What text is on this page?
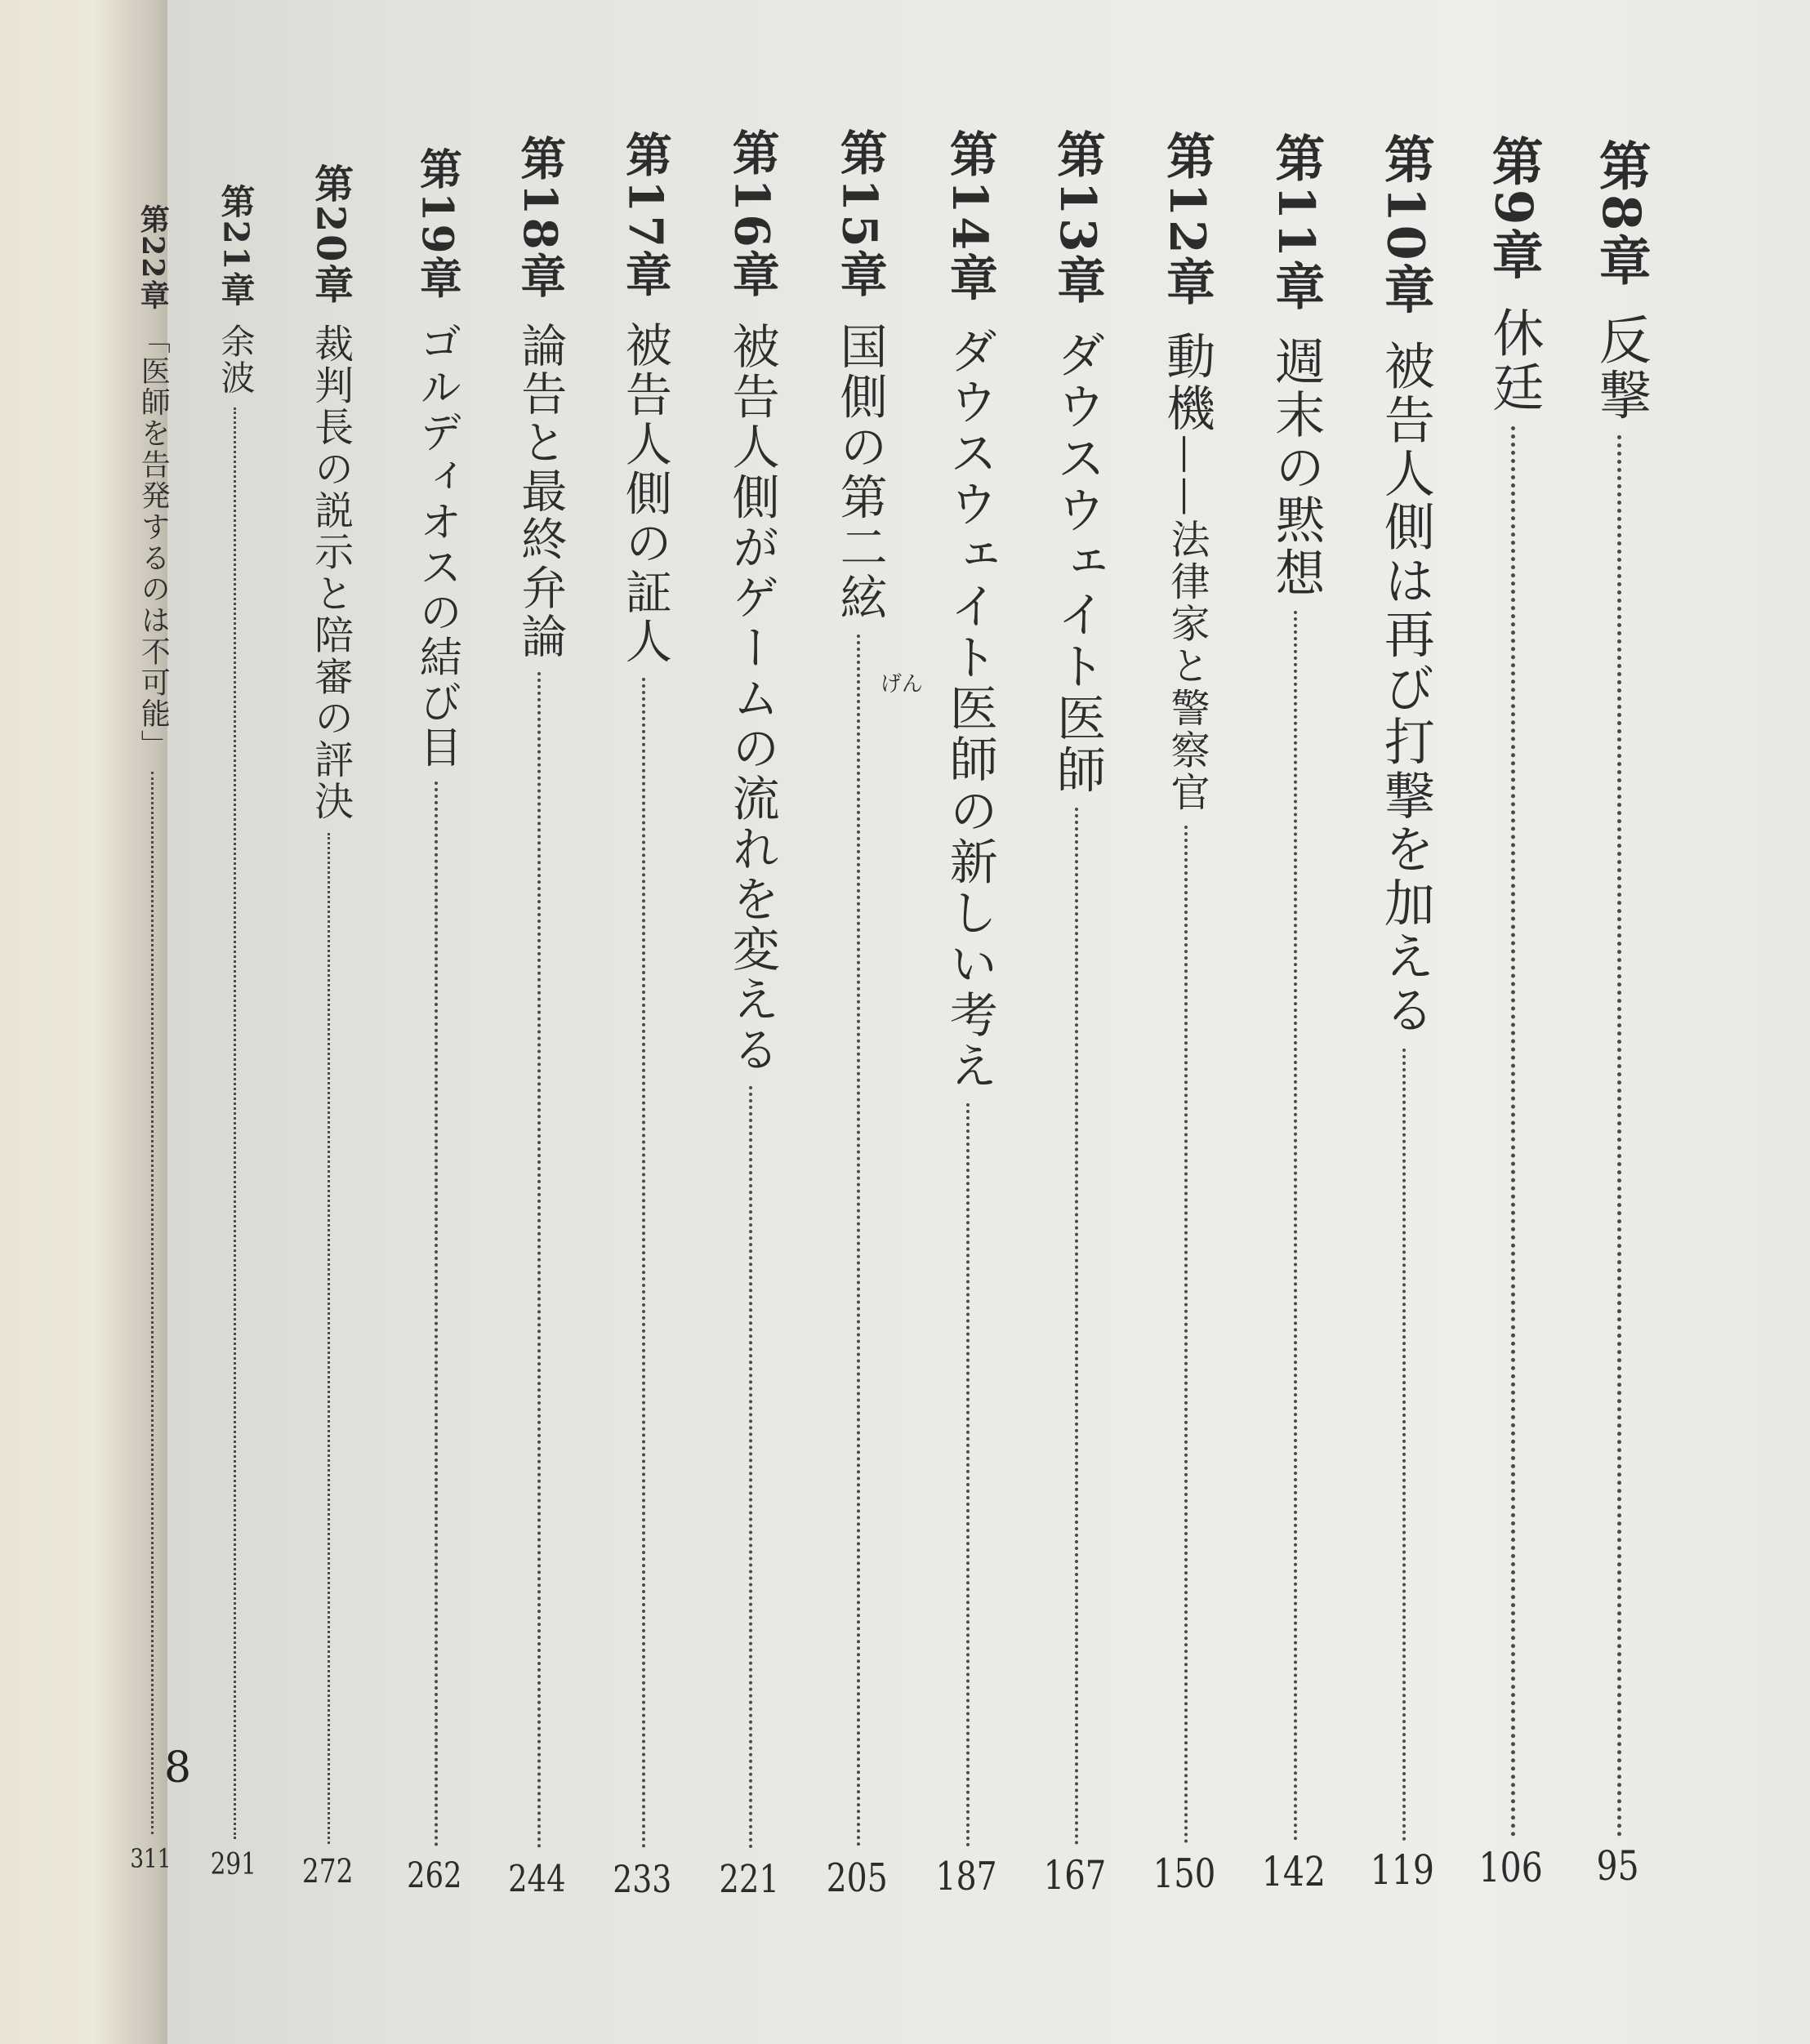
8
第8章反撃
95
第9章休廷
106
第10章被告人側は再び打撃を加える
119
第11章週末の黙想
142
第12章動機——法律家と警察官
150
第13章ダウスウェイト医師
167
第14章ダウスウェイト医師の新しい考え
187
第15章国側の第二絃
げん
205
第16章被告人側がゲームの流れを変える
221
第17章被告人側の証人
233
第18章論告と最終弁論
244
第19章ゴルディオスの結び目
262
第20章裁判長の説示と陪審の評決
272
第21章余波
291
第22章「医師を告発するのは不可能」
311
